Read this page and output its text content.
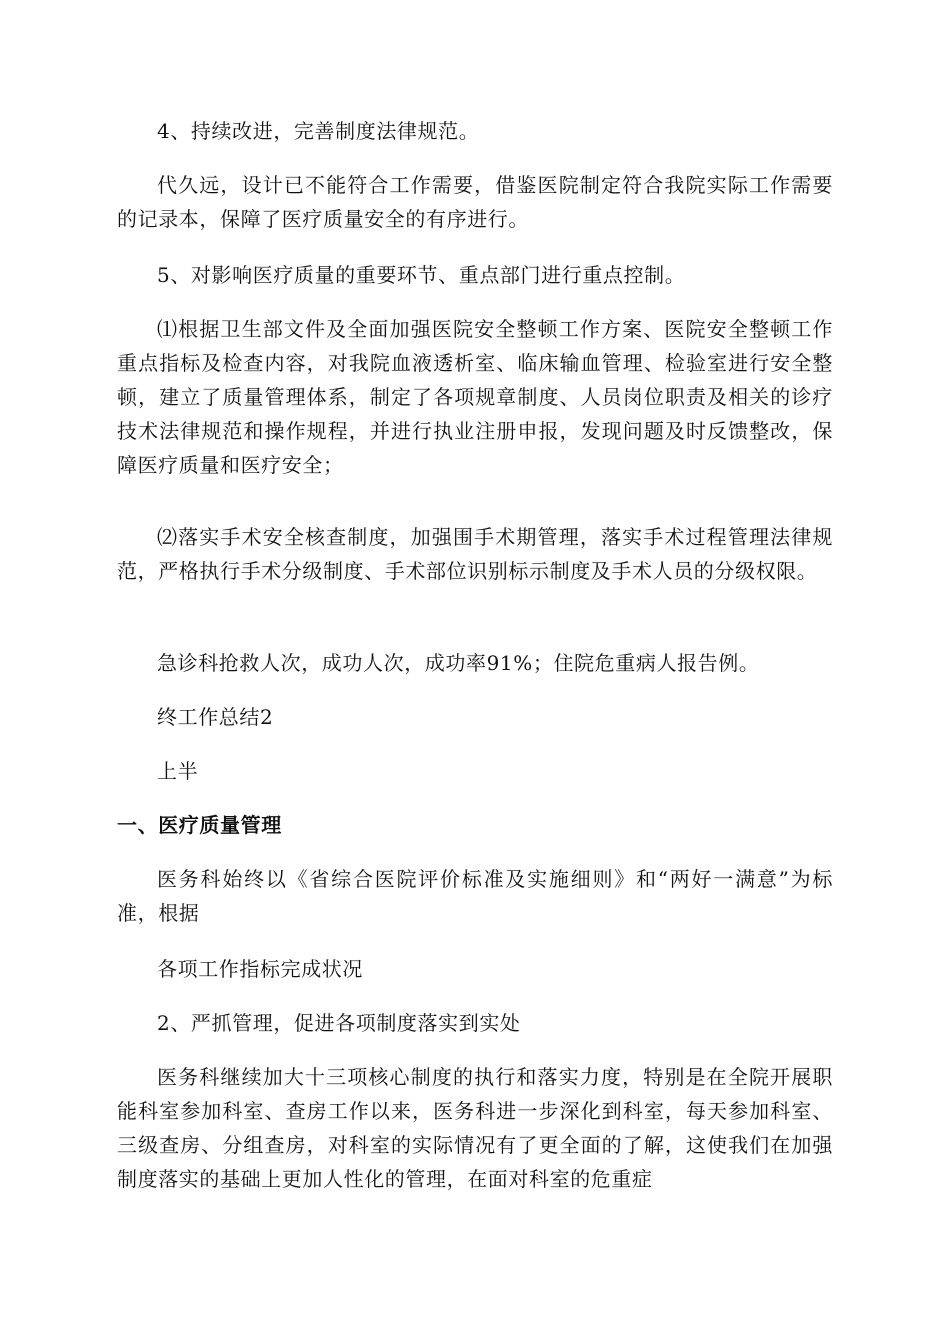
4、持续改进，完善制度法律规范。

代久远，设计已不能符合工作需要，借鉴医院制定符合我院实际工作需要的记录本，保障了医疗质量安全的有序进行。

5、对影响医疗质量的重要环节、重点部门进行重点控制。

⑴根据卫生部文件及全面加强医院安全整顿工作方案、医院安全整顿工作重点指标及检查内容，对我院血液透析室、临床输血管理、检验室进行安全整顿，建立了质量管理体系，制定了各项规章制度、人员岗位职责及相关的诊疗技术法律规范和操作规程，并进行执业注册申报，发现问题及时反馈整改，保障医疗质量和医疗安全；

⑵落实手术安全核查制度，加强围手术期管理，落实手术过程管理法律规范，严格执行手术分级制度、手术部位识别标示制度及手术人员的分级权限。

急诊科抢救人次，成功人次，成功率91%；住院危重病人报告例。

终工作总结2

上半

一、医疗质量管理

医务科始终以《省综合医院评价标准及实施细则》和“两好一满意”为标准，根据

各项工作指标完成状况

2、严抓管理，促进各项制度落实到实处

医务科继续加大十三项核心制度的执行和落实力度，特别是在全院开展职能科室参加科室、查房工作以来，医务科进一步深化到科室，每天参加科室、三级查房、分组查房，对科室的实际情况有了更全面的了解，这使我们在加强制度落实的基础上更加人性化的管理，在面对科室的危重症
